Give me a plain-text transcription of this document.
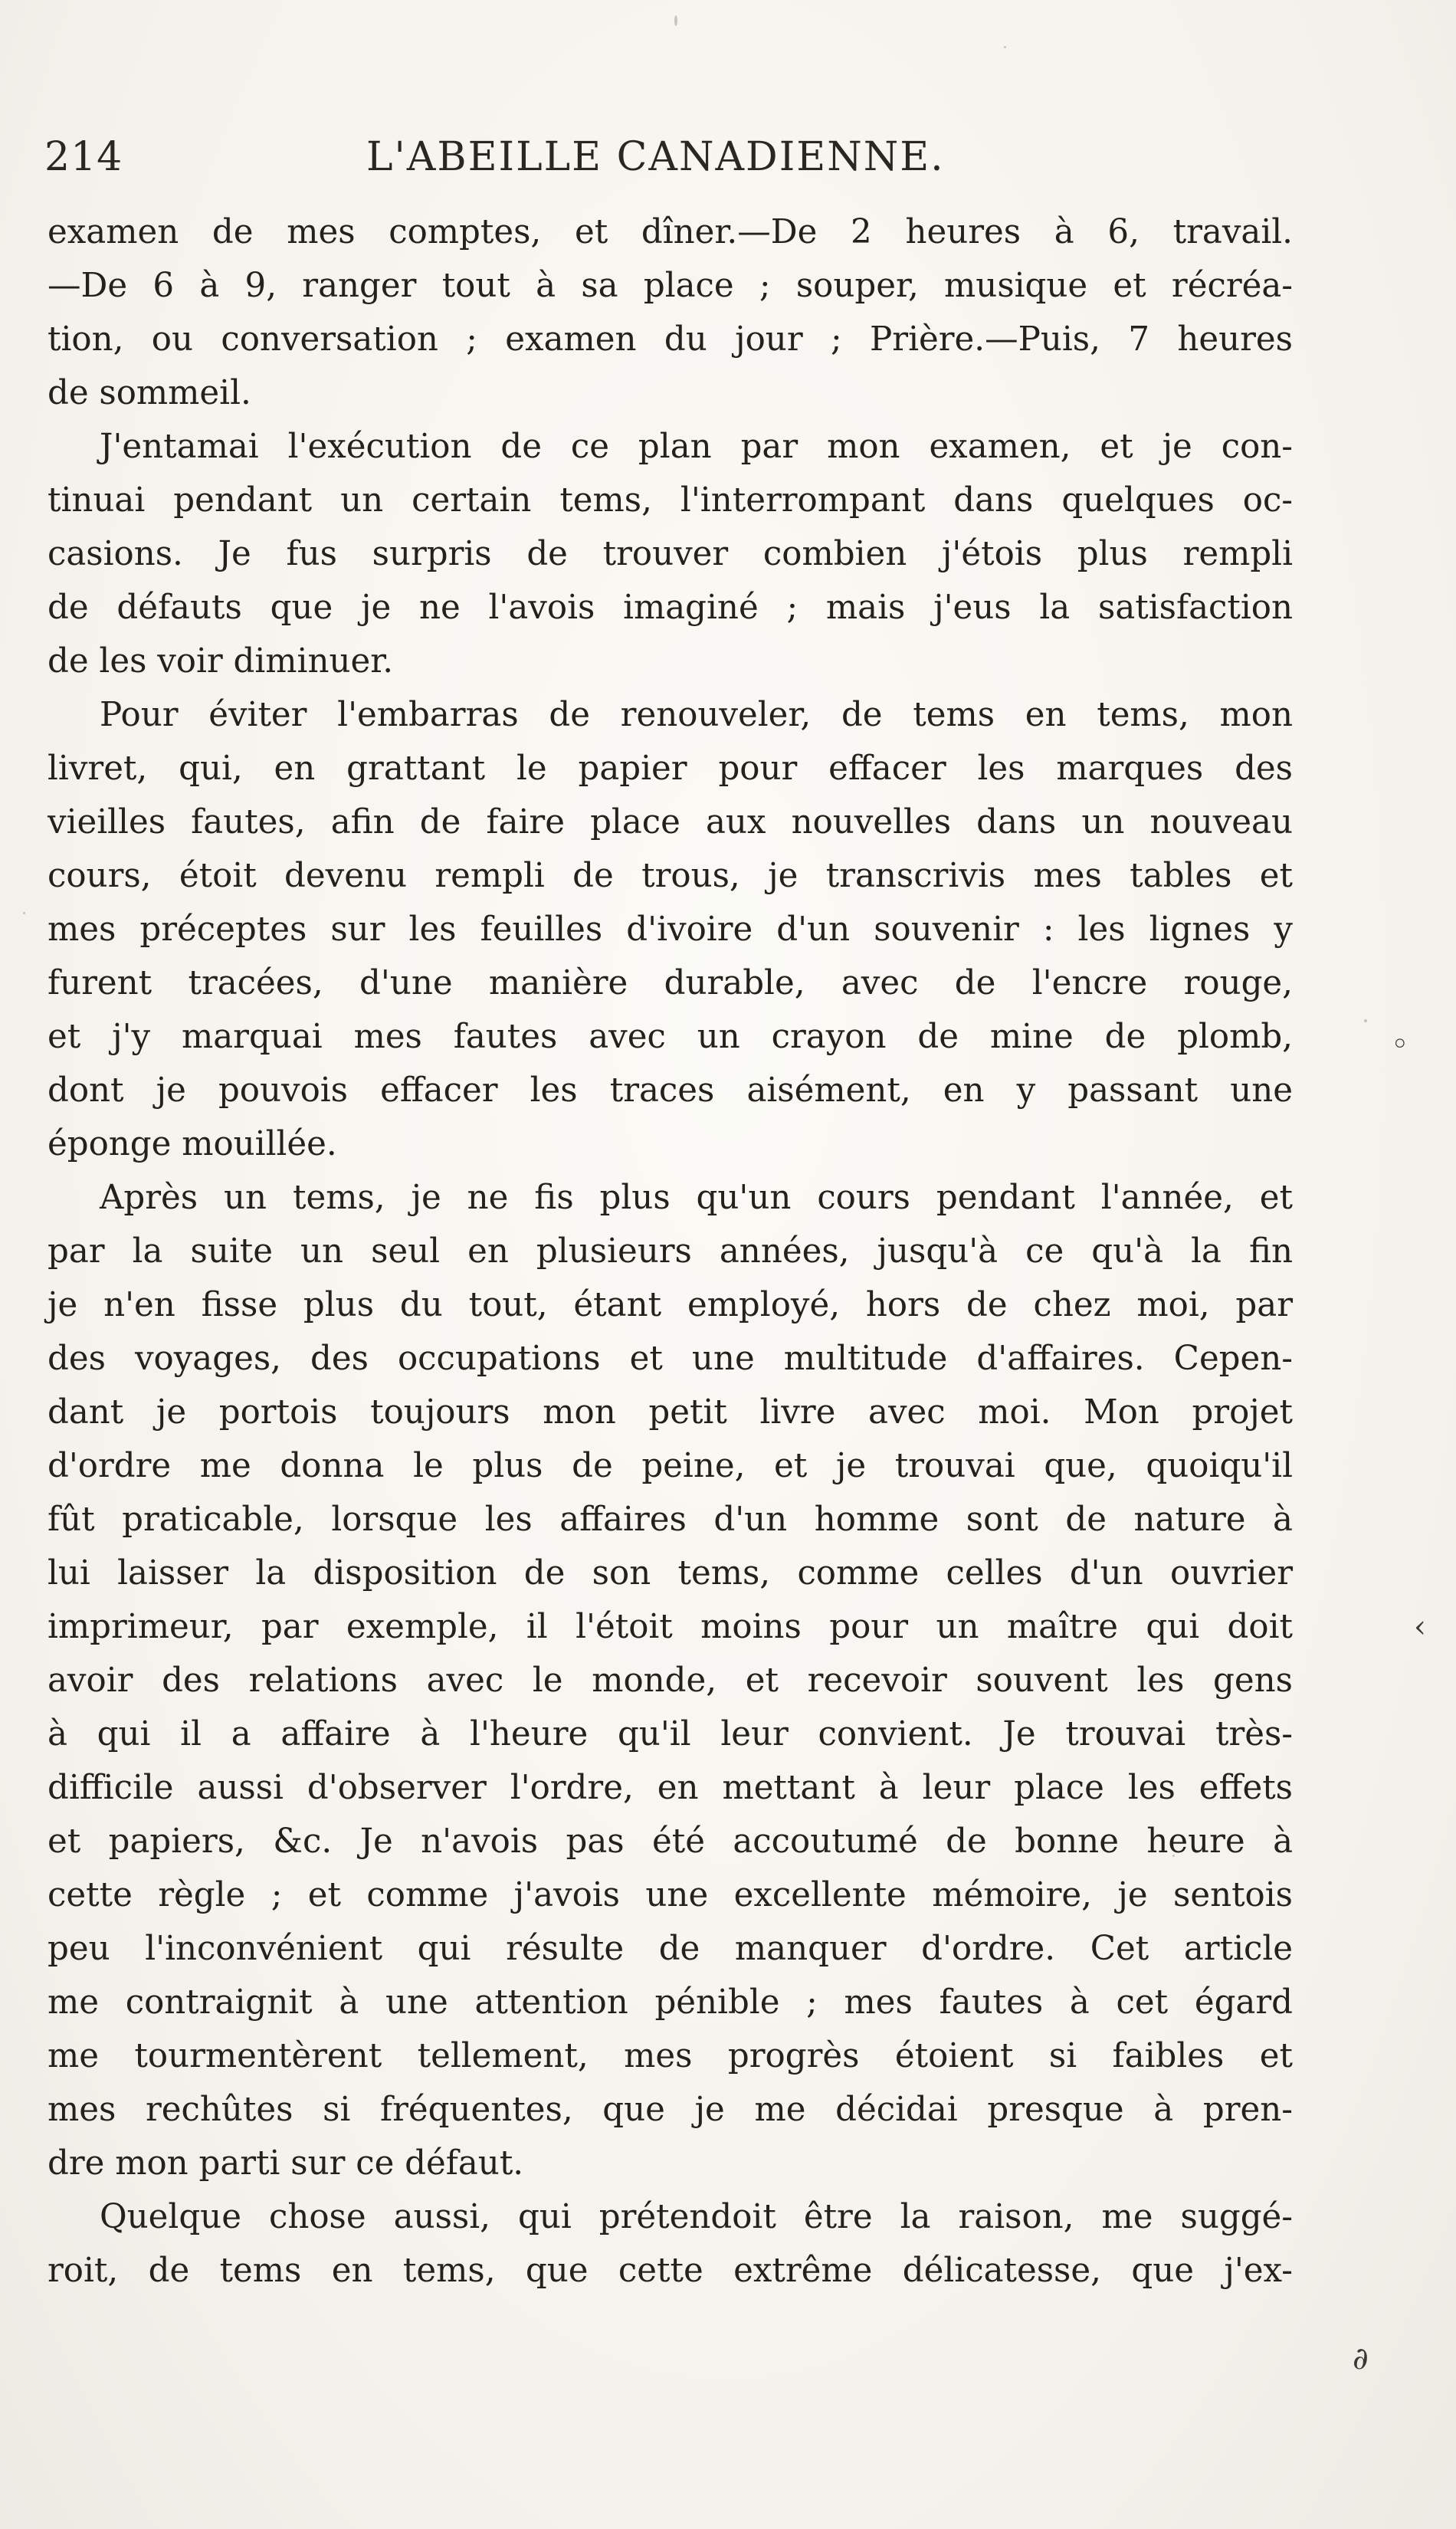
214	L'ABEILLE CANADIENNE.
examen de mes comptes, et dîner.—De 2 heures à 6, travail.
—De 6 à 9, ranger tout à sa place ; souper, musique et récréa-
tion, ou conversation ; examen du jour ; Prière.—Puis, 7 heures
de sommeil.
J'entamai l'exécution de ce plan par mon examen, et je con-
tinuai pendant un certain tems, l'interrompant dans quelques oc-
casions. Je fus surpris de trouver combien j'étois plus rempli
de défauts que je ne l'avois imaginé ; mais j'eus la satisfaction
de les voir diminuer.
Pour éviter l'embarras de renouveler, de tems en tems, mon
livret, qui, en grattant le papier pour effacer les marques des
vieilles fautes, afin de faire place aux nouvelles dans un nouveau
cours, étoit devenu rempli de trous, je transcrivis mes tables et
mes préceptes sur les feuilles d'ivoire d'un souvenir : les lignes y
furent tracées, d'une manière durable, avec de l'encre rouge,
et j'y marquai mes fautes avec un crayon de mine de plomb,
dont je pouvois effacer les traces aisément, en y passant une
éponge mouillée.
Après un tems, je ne fis plus qu'un cours pendant l'année, et
par la suite un seul en plusieurs années, jusqu'à ce qu'à la fin
je n'en fisse plus du tout, étant employé, hors de chez moi, par
des voyages, des occupations et une multitude d'affaires. Cepen-
dant je portois toujours mon petit livre avec moi. Mon projet
d'ordre me donna le plus de peine, et je trouvai que, quoiqu'il
fût praticable, lorsque les affaires d'un homme sont de nature à
lui laisser la disposition de son tems, comme celles d'un ouvrier
imprimeur, par exemple, il l'étoit moins pour un maître qui doit
avoir des relations avec le monde, et recevoir souvent les gens
à qui il a affaire à l'heure qu'il leur convient. Je trouvai très-
difficile aussi d'observer l'ordre, en mettant à leur place les effets
et papiers, &c. Je n'avois pas été accoutumé de bonne heure à
cette règle ; et comme j'avois une excellente mémoire, je sentois
peu l'inconvénient qui résulte de manquer d'ordre. Cet article
me contraignit à une attention pénible ; mes fautes à cet égard
me tourmentèrent tellement, mes progrès étoient si faibles et
mes rechûtes si fréquentes, que je me décidai presque à pren-
dre mon parti sur ce défaut.
Quelque chose aussi, qui prétendoit être la raison, me suggé-
roit, de tems en tems, que cette extrême délicatesse, que j'ex-
◦
‹
∂
